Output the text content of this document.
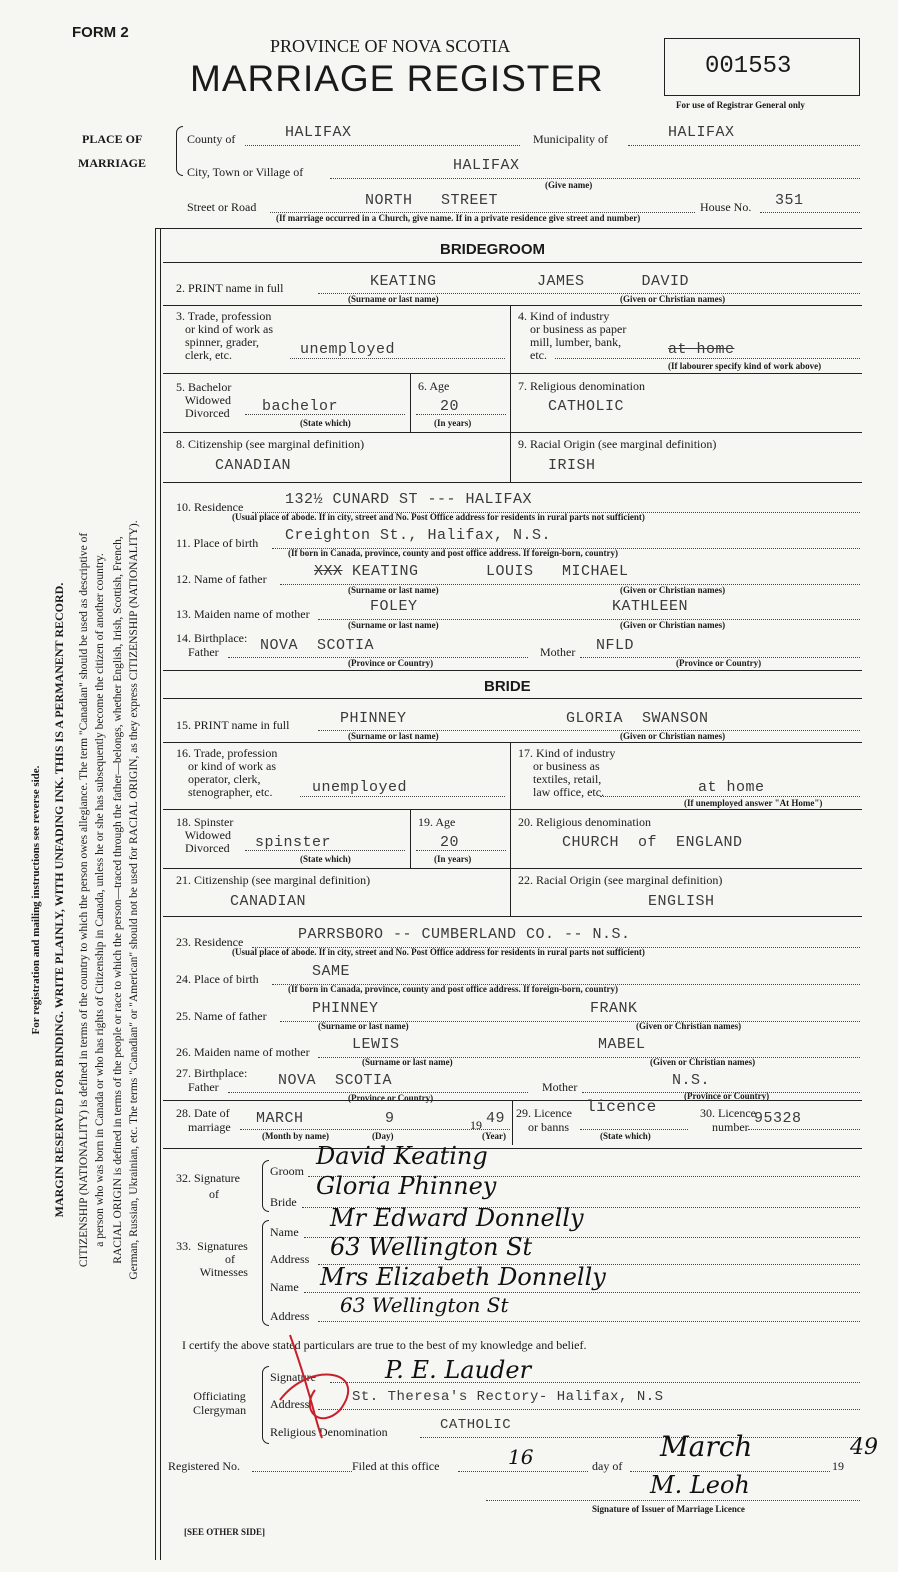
FORM 2
PROVINCE OF NOVA SCOTIA
MARRIAGE REGISTER	001553
For use of Registrar General only
PLACE OF
MARRIAGE
County of	HALIFAX	Municipality of	HALIFAX
City, Town or Village of	HALIFAX
(Give name)
Street or Road	NORTH   STREET	House No. 351
(If marriage occurred in a Church, give name. If in a private residence give street and number)
For registration and mailing instructions see reverse side. MARGIN RESERVED FOR BINDING. WRITE PLAINLY, WITH UNFADING INK. THIS IS A PERMANENT RECORD. CITIZENSHIP (NATIONALITY) is defined in terms of the country to which the person owes allegiance. The term "Canadian" should be used as descriptive of a person who was born in Canada or who has rights of Citizenship in Canada, unless he or she has subsequently become the citizen of another country. RACIAL ORIGIN is defined in terms of the people or race to which the person—traced through the father—belongs, whether English, Irish, Scottish, French, German, Russian, Ukrainian, etc. The terms "Canadian" or "American" should not be used for RACIAL ORIGIN, as they express CITIZENSHIP (NATIONALITY).
BRIDEGROOM
2. PRINT name in full	KEATING	JAMES      DAVID
(Surname or last name)	(Given or Christian names)
3. Trade, profession
or kind of work as
spinner, grader,
clerk, etc.	unemployed
4. Kind of industry
or business as paper
mill, lumber, bank,
etc.	at home
(If labourer specify kind of work above)
5. Bachelor
Widowed
Divorced bachelor
(State which)
6. Age
20
(In years)
7. Religious denomination
CATHOLIC
8. Citizenship (see marginal definition)
CANADIAN
9. Racial Origin (see marginal definition)
IRISH
10. Residence	132½ CUNARD ST --- HALIFAX
(Usual place of abode. If in city, street and No. Post Office address for residents in rural parts not sufficient)
11. Place of birth Creighton St., Halifax, N.S.
(If born in Canada, province, county and post office address. If foreign-born, country)
12. Name of father	XXX KEATING	LOUIS   MICHAEL
(Surname or last name)	(Given or Christian names)
13. Maiden name of mother	FOLEY	KATHLEEN
(Surname or last name)	(Given or Christian names)
14. Birthplace:
Father	NOVA  SCOTIA	Mother NFLD
(Province or Country)	(Province or Country)
BRIDE
15. PRINT name in full	PHINNEY	GLORIA  SWANSON
(Surname or last name)	(Given or Christian names)
16. Trade, profession
or kind of work as
operator, clerk,
stenographer, etc.	unemployed
17. Kind of industry
or business as
textiles, retail,
law office, etc.	at home
(If unemployed answer "At Home")
18. Spinster
Widowed
Divorced spinster
(State which)
19. Age
20
(In years)
20. Religious denomination
CHURCH  of  ENGLAND
21. Citizenship (see marginal definition)
CANADIAN
22. Racial Origin (see marginal definition)
ENGLISH
23. Residence	PARRSBORO -- CUMBERLAND CO. -- N.S.
(Usual place of abode. If in city, street and No. Post Office address for residents in rural parts not sufficient)
24. Place of birth	SAME
(If born in Canada, province, county and post office address. If foreign-born, country)
25. Name of father	PHINNEY	FRANK
(Surname or last name)	(Given or Christian names)
26. Maiden name of mother	LEWIS	MABEL
(Surname or last name)	(Given or Christian names)
27. Birthplace:
Father	NOVA  SCOTIA	Mother	N.S.
(Province or Country)	(Province or Country)
28. Date of
marriage MARCH	9	19 49
(Month by name)	(Day)	(Year)
29. Licence
or banns
licence
(State which)
30. Licence
number 95328
32. Signature
of
Groom
David Keating
Bride
Gloria Phinney
33. Signatures
of
Witnesses
Name Mr Edward Donnelly
Address 63 Wellington St
Name Mrs Elizabeth Donnelly
Address 63 Wellington St
I certify the above stated particulars are true to the best of my knowledge and belief.
Officiating
Clergyman
Signature	P. E. Lauder
Address	St. Theresa's Rectory- Halifax, N.S
Religious Denomination	CATHOLIC
Registered No.	Filed at this office	16	day of
March
19
49
M. Leoh
Signature of Issuer of Marriage Licence
[SEE OTHER SIDE]
